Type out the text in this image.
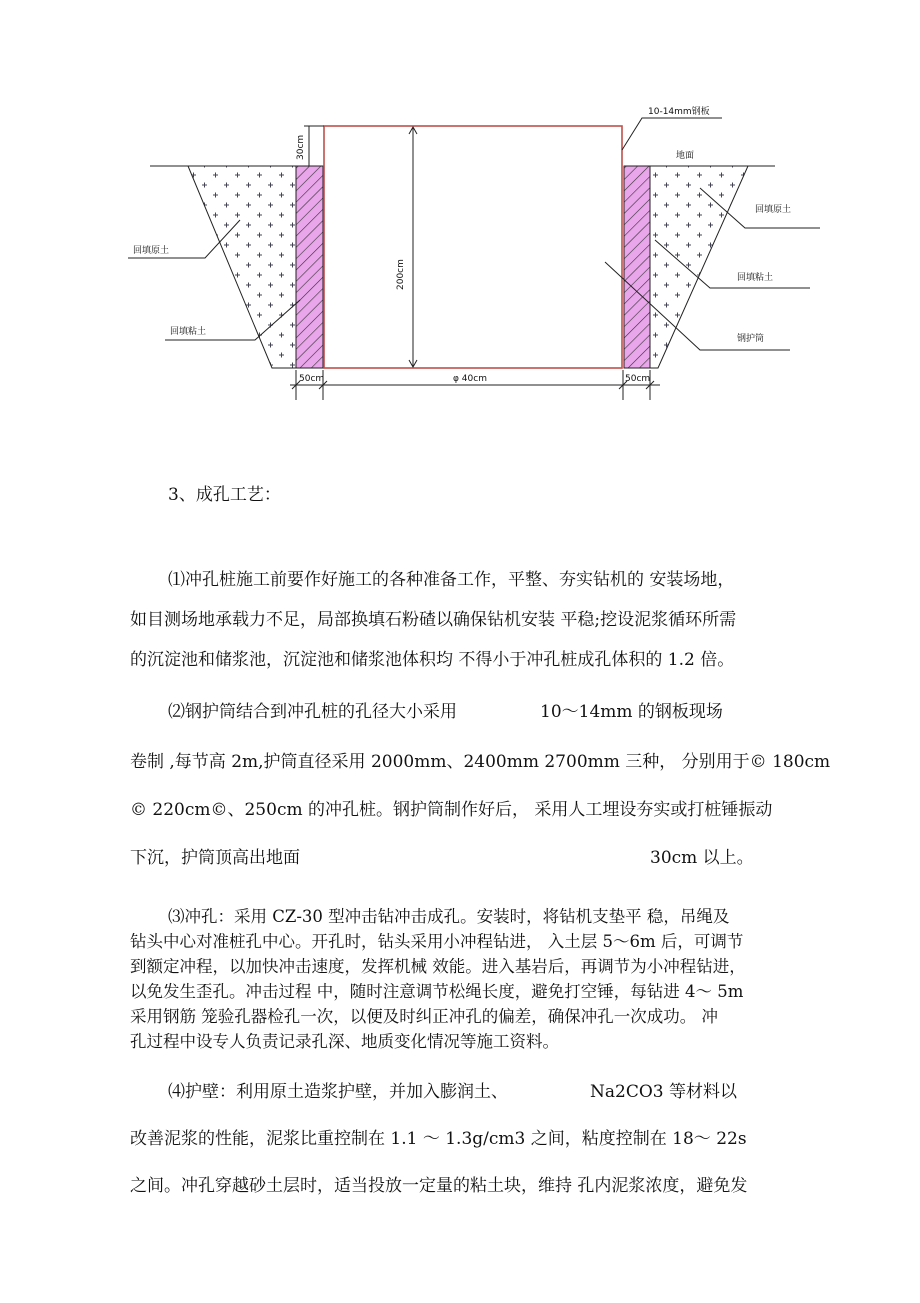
200cm
30cm
50cm	φ 40cm	50cm
10-14mm钢板
地面
回填原土
回填粘土
钢护筒
回填原土
回填粘土
3、成孔工艺：
⑴冲孔桩施工前要作好施工的各种准备工作，平整、夯实钻机的 安装场地，
如目测场地承载力不足，局部换填石粉碴以确保钻机安装 平稳;挖设泥浆循环所需
的沉淀池和储浆池，沉淀池和储浆池体积均 不得小于冲孔桩成孔体积的 1.2 倍。
⑵钢护筒结合到冲孔桩的孔径大小采用	10～14mm 的钢板现场
卷制 ,每节高 2m,护筒直径采用 2000mm、2400mm 2700mm 三种， 分别用于© 180cm
© 220cm©、250cm 的冲孔桩。钢护筒制作好后， 采用人工埋设夯实或打桩锤振动
下沉，护筒顶高出地面	30cm 以上。
⑶冲孔：采用 CZ-30 型冲击钻冲击成孔。安装时，将钻机支垫平 稳，吊绳及
钻头中心对准桩孔中心。开孔时，钻头采用小冲程钻进， 入土层 5～6m 后，可调节
到额定冲程，以加快冲击速度，发挥机械 效能。进入基岩后，再调节为小冲程钻进，
以免发生歪孔。冲击过程 中，随时注意调节松绳长度，避免打空锤，每钻进 4～ 5m
采用钢筋 笼验孔器检孔一次，以便及时纠正冲孔的偏差，确保冲孔一次成功。 冲
孔过程中设专人负责记录孔深、地质变化情况等施工资料。
⑷护壁：利用原土造浆护壁，并加入膨润土、	Na2CO3 等材料以
改善泥浆的性能，泥浆比重控制在 1.1 ～ 1.3g/cm3 之间，粘度控制在 18～ 22s
之间。冲孔穿越砂土层时，适当投放一定量的粘土块，维持 孔内泥浆浓度，避免发
